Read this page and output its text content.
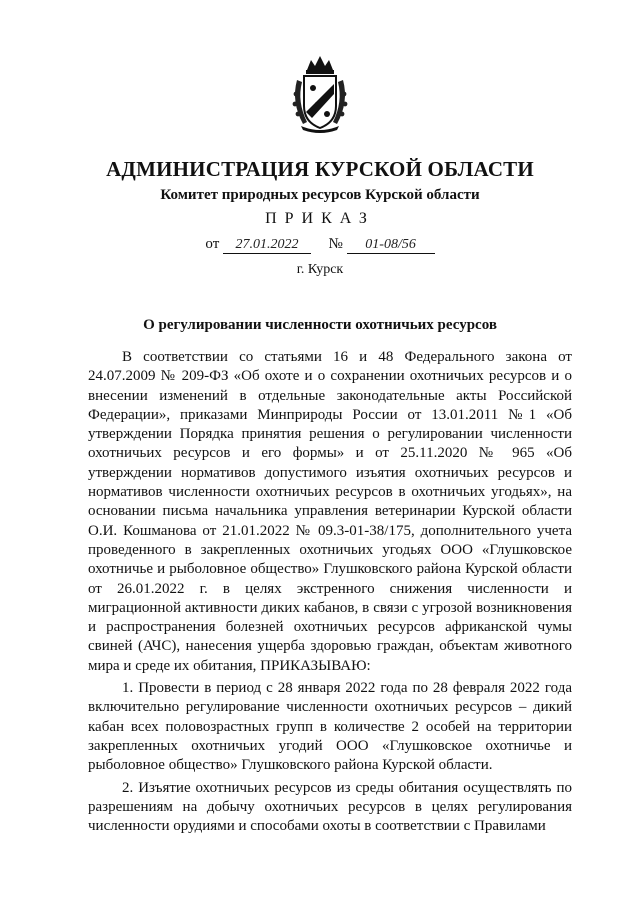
АДМИНИСТРАЦИЯ КУРСКОЙ ОБЛАСТИ
Комитет природных ресурсов Курской области
ПРИКАЗ
от 27.01.2022 № 01-08/56
г. Курск
О регулировании численности охотничьих ресурсов

В соответствии со статьями 16 и 48 Федерального закона от 24.07.2009 № 209-ФЗ «Об охоте и о сохранении охотничьих ресурсов и о внесении изменений в отдельные законодательные акты Российской Федерации», приказами Минприроды России от 13.01.2011 №1 «Об утверждении Порядка принятия решения о регулировании численности охотничьих ресурсов и его формы» и от 25.11.2020 № 965 «Об утверждении нормативов допустимого изъятия охотничьих ресурсов и нормативов численности охотничьих ресурсов в охотничьих угодьях», на основании письма начальника управления ветеринарии Курской области О.И. Кошманова от 21.01.2022 № 09.3-01-38/175, дополнительного учета проведенного в закрепленных охотничьих угодьях ООО «Глушковское охотничье и рыболовное общество» Глушковского района Курской области от 26.01.2022 г. в целях экстренного снижения численности и миграционной активности диких кабанов, в связи с угрозой возникновения и распространения болезней охотничьих ресурсов африканской чумы свиней (АЧС), нанесения ущерба здоровью граждан, объектам животного мира и среде их обитания, ПРИКАЗЫВАЮ:

1. Провести в период с 28 января 2022 года по 28 февраля 2022 года включительно регулирование численности охотничьих ресурсов – дикий кабан всех половозрастных групп в количестве 2 особей на территории закрепленных охотничьих угодий ООО «Глушковское охотничье и рыболовное общество» Глушковского района Курской области.

2. Изъятие охотничьих ресурсов из среды обитания осуществлять по разрешениям на добычу охотничьих ресурсов в целях регулирования численности орудиями и способами охоты в соответствии с Правилами
